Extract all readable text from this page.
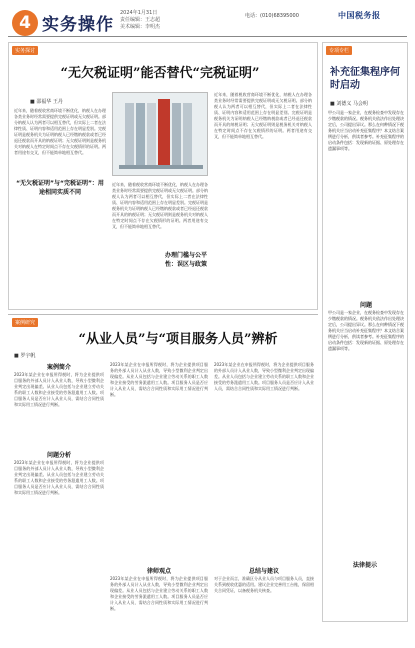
4 实务操作
2024年1月31日
责任编辑：王志超
美术编辑：李明杰
电话：(010)68395000	中国税务报
实务探讨
“无欠税证明”能否替代“完税证明”
■ 邵福华 王丹
近年来，随着税收营商环境不断优化，纳税人在办理各类业务时经常需要提供完税证明或无欠税证明。部分纳税人认为两者可以相互替代，但实际上二者在法律性质、证明内容和适用范围上存在明显差别。完税证明是税务机关为证明纳税人已经缴纳税款或者已经退还税款而开具的纳税证明；无欠税证明则是税务机关对纳税人在特定时间点不存在欠税情形的证明。两者用途有交叉，但不能简单地相互替代。
“无欠税证明”与“完税证明”：用途相同实质不同
近年来，随着税收营商环境不断优化，纳税人在办理各类业务时经常需要提供完税证明或无欠税证明。部分纳税人认为两者可以相互替代，但实际上二者在法律性质、证明内容和适用范围上存在明显差别。完税证明是税务机关为证明纳税人已经缴纳税款或者已经退还税款而开具的纳税证明；无欠税证明则是税务机关对纳税人在特定时间点不存在欠税情形的证明。两者用途有交叉，但不能简单地相互替代。
办理门槛与公平性：误区与政策
近年来，随着税收营商环境不断优化，纳税人在办理各类业务时经常需要提供完税证明或无欠税证明。部分纳税人认为两者可以相互替代，但实际上二者在法律性质、证明内容和适用范围上存在明显差别。完税证明是税务机关为证明纳税人已经缴纳税款或者已经退还税款而开具的纳税证明；无欠税证明则是税务机关对纳税人在特定时间点不存在欠税情形的证明。两者用途有交叉，但不能简单地相互替代。
专项专栏
补充征集程序何时启动
■ 刘德义 马会明
甲公司是一家企业，在税务检查中发现存在少缴税款的情况。税务机关依法作出处理决定后，公司提出异议。那么在何种情况下税务机关应当启动补充征集程序？本文结合案例进行分析，供读者参考。补充征集程序的启动条件包括：发现新的证据、原处理存在遗漏事项等。
问题
甲公司是一家企业，在税务检查中发现存在少缴税款的情况。税务机关依法作出处理决定后，公司提出异议。那么在何种情况下税务机关应当启动补充征集程序？本文结合案例进行分析，供读者参考。补充征集程序的启动条件包括：发现新的证据、原处理存在遗漏事项等。
案例研究
“从业人员”与“项目服务人员”辨析
■ 罗宇帆
案例简介
2023年某企业在申报所得税时，将为企业提供项目服务的外部人员计入从业人数，导致小型微利企业判定出现偏差。从业人员包括与企业建立劳动关系的职工人数和企业接受的劳务派遣用工人数。项目服务人员是否应计入从业人员，需结合合同性质和实际用工情况进行判断。
问题分析
2023年某企业在申报所得税时，将为企业提供项目服务的外部人员计入从业人数，导致小型微利企业判定出现偏差。从业人员包括与企业建立劳动关系的职工人数和企业接受的劳务派遣用工人数。项目服务人员是否应计入从业人员，需结合合同性质和实际用工情况进行判断。
2023年某企业在申报所得税时，将为企业提供项目服务的外部人员计入从业人数，导致小型微利企业判定出现偏差。从业人员包括与企业建立劳动关系的职工人数和企业接受的劳务派遣用工人数。项目服务人员是否应计入从业人员，需结合合同性质和实际用工情况进行判断。
律师观点
2023年某企业在申报所得税时，将为企业提供项目服务的外部人员计入从业人数，导致小型微利企业判定出现偏差。从业人员包括与企业建立劳动关系的职工人数和企业接受的劳务派遣用工人数。项目服务人员是否应计入从业人员，需结合合同性质和实际用工情况进行判断。
2023年某企业在申报所得税时，将为企业提供项目服务的外部人员计入从业人数，导致小型微利企业判定出现偏差。从业人员包括与企业建立劳动关系的职工人数和企业接受的劳务派遣用工人数。项目服务人员是否应计入从业人员，需结合合同性质和实际用工情况进行判断。
总结与建议
对于企业而言，准确区分从业人员与项目服务人员，直接关系到税收优惠的适用。建议企业完善用工台账，保留相关合同凭证，以备税务机关核查。
法律提示
